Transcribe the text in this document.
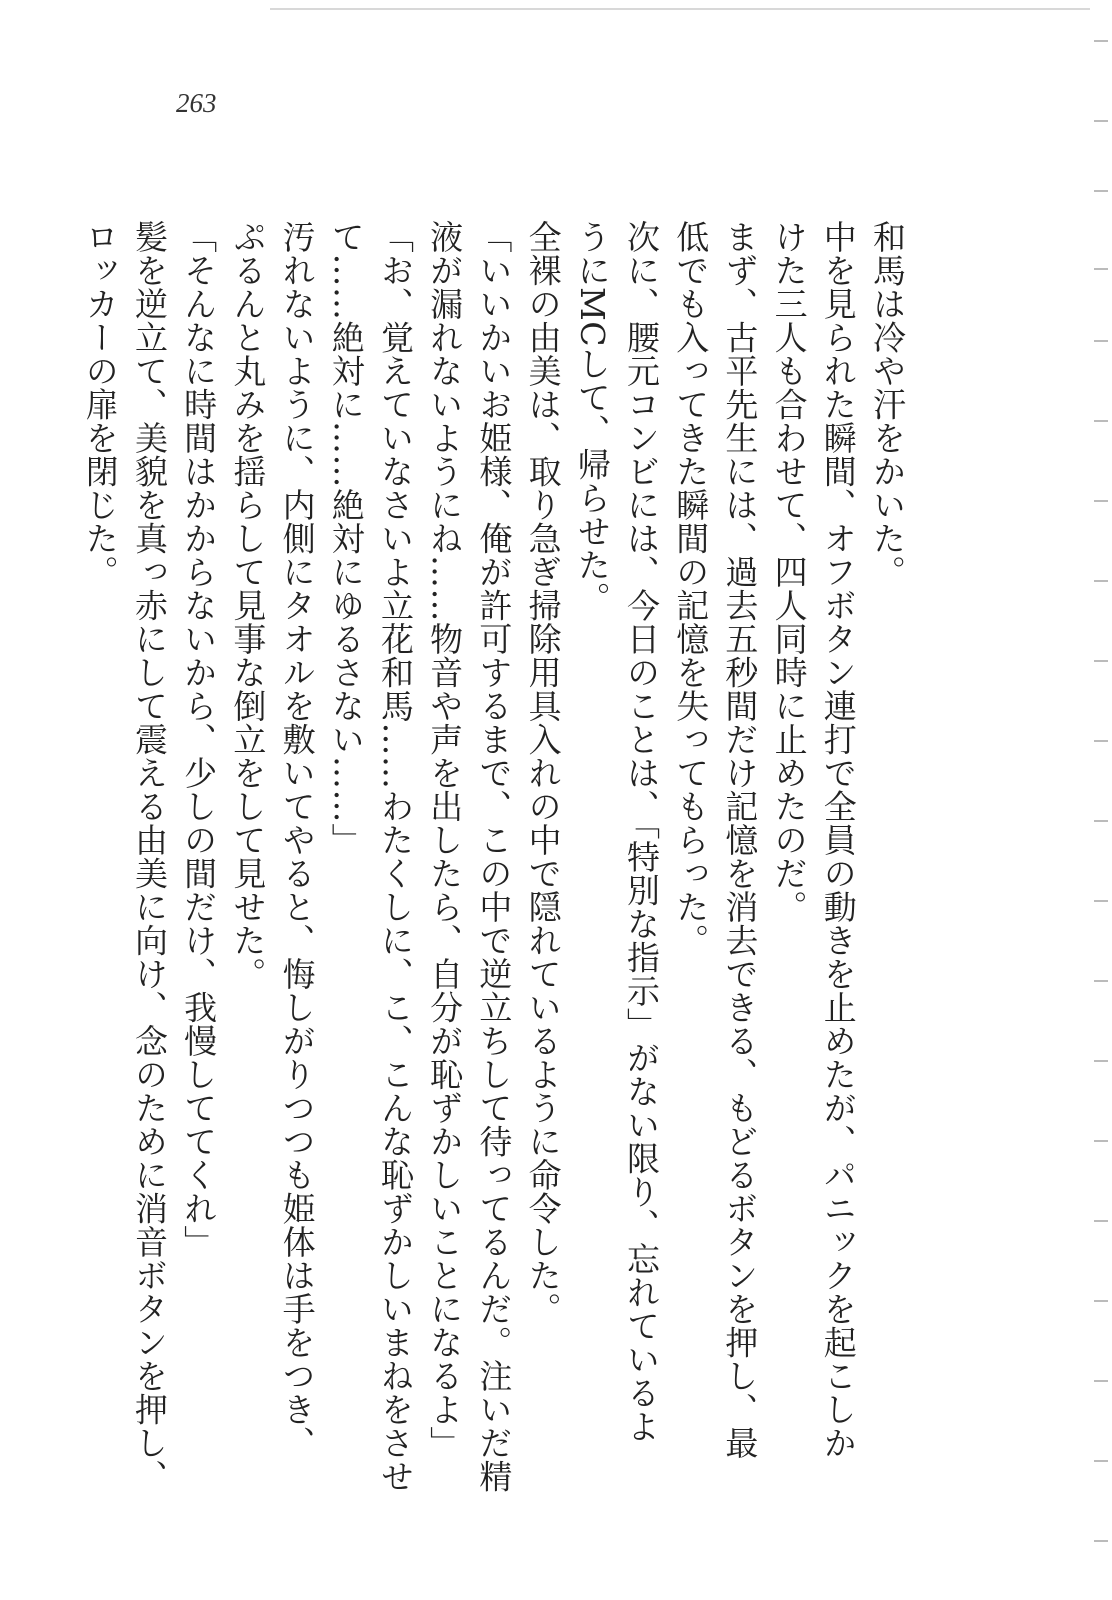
263
和馬は冷や汗をかいた。
中を見られた瞬間、オフボタン連打で全員の動きを止めたが、パニックを起こしか
けた三人も合わせて、四人同時に止めたのだ。
まず、古平先生には、過去五秒間だけ記憶を消去できる、もどるボタンを押し、最
低でも入ってきた瞬間の記憶を失ってもらった。
次に、腰元コンビには、今日のことは、「特別な指示」がない限り、忘れているよ
うにMCして、帰らせた。
全裸の由美は、取り急ぎ掃除用具入れの中で隠れているように命令した。
「いいかいお姫様、俺が許可するまで、この中で逆立ちして待ってるんだ。注いだ精
液が漏れないようにね……物音や声を出したら、自分が恥ずかしいことになるよ」
「お、覚えていなさいよ立花和馬……わたくしに、こ、こんな恥ずかしいまねをさせ
て……絶対に……絶対にゆるさない……」
汚れないように、内側にタオルを敷いてやると、悔しがりつつも姫体は手をつき、
ぷるんと丸みを揺らして見事な倒立をして見せた。
「そんなに時間はかからないから、少しの間だけ、我慢しててくれ」
髪を逆立て、美貌を真っ赤にして震える由美に向け、念のために消音ボタンを押し、
ロッカーの扉を閉じた。
